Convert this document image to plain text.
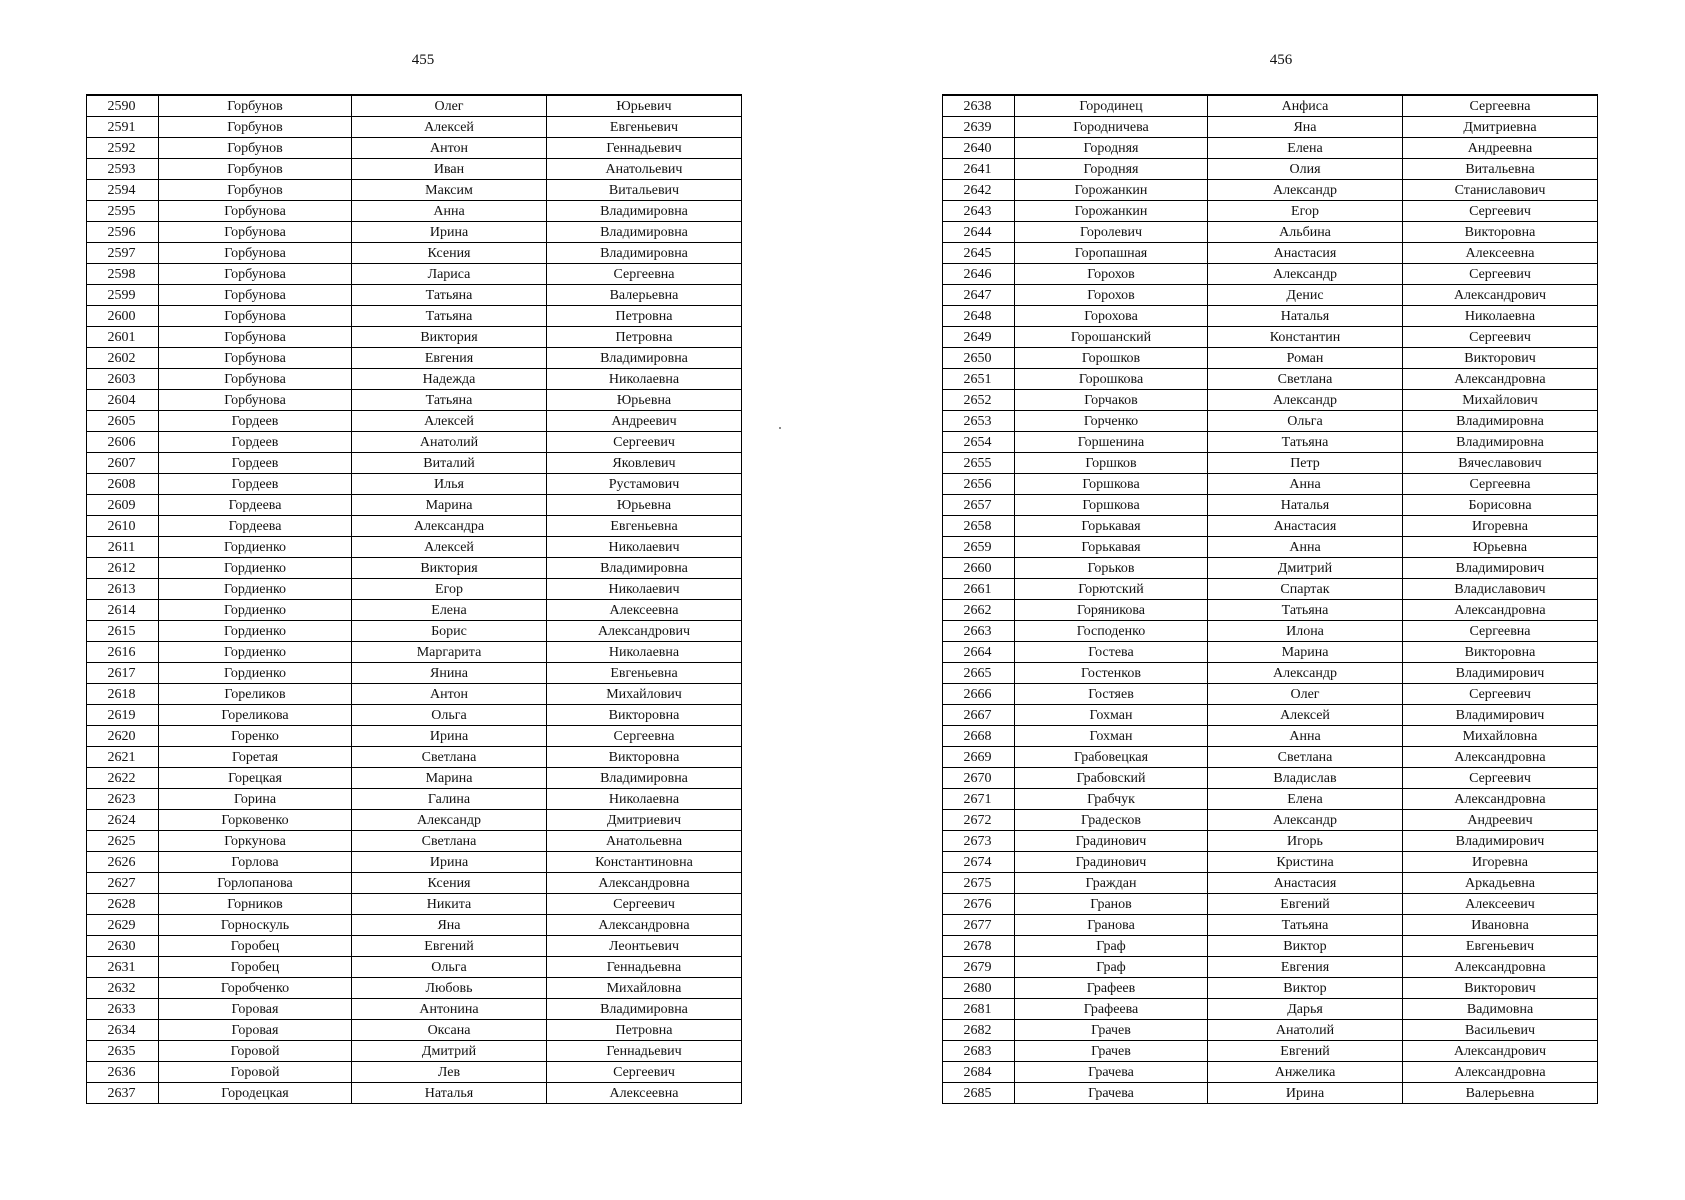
455	456
2590	Горбунов	Олег	Юрьевич
2591	Горбунов	Алексей	Евгеньевич
2592	Горбунов	Антон	Геннадьевич
2593	Горбунов	Иван	Анатольевич
2594	Горбунов	Максим	Витальевич
2595	Горбунова	Анна	Владимировна
2596	Горбунова	Ирина	Владимировна
2597	Горбунова	Ксения	Владимировна
2598	Горбунова	Лариса	Сергеевна
2599	Горбунова	Татьяна	Валерьевна
2600	Горбунова	Татьяна	Петровна
2601	Горбунова	Виктория	Петровна
2602	Горбунова	Евгения	Владимировна
2603	Горбунова	Надежда	Николаевна
2604	Горбунова	Татьяна	Юрьевна
2605	Гордеев	Алексей	Андреевич
2606	Гордеев	Анатолий	Сергеевич
2607	Гордеев	Виталий	Яковлевич
2608	Гордеев	Илья	Рустамович
2609	Гордеева	Марина	Юрьевна
2610	Гордеева	Александра	Евгеньевна
2611	Гордиенко	Алексей	Николаевич
2612	Гордиенко	Виктория	Владимировна
2613	Гордиенко	Егор	Николаевич
2614	Гордиенко	Елена	Алексеевна
2615	Гордиенко	Борис	Александрович
2616	Гордиенко	Маргарита	Николаевна
2617	Гордиенко	Янина	Евгеньевна
2618	Гореликов	Антон	Михайлович
2619	Гореликова	Ольга	Викторовна
2620	Горенко	Ирина	Сергеевна
2621	Горетая	Светлана	Викторовна
2622	Горецкая	Марина	Владимировна
2623	Горина	Галина	Николаевна
2624	Горковенко	Александр	Дмитриевич
2625	Горкунова	Светлана	Анатольевна
2626	Горлова	Ирина	Константиновна
2627	Горлопанова	Ксения	Александровна
2628	Горников	Никита	Сергеевич
2629	Горноскуль	Яна	Александровна
2630	Горобец	Евгений	Леонтьевич
2631	Горобец	Ольга	Геннадьевна
2632	Горобченко	Любовь	Михайловна
2633	Горовая	Антонина	Владимировна
2634	Горовая	Оксана	Петровна
2635	Горовой	Дмитрий	Геннадьевич
2636	Горовой	Лев	Сергеевич
2637	Городецкая	Наталья	Алексеевна
2638	Городинец	Анфиса	Сергеевна
2639	Городничева	Яна	Дмитриевна
2640	Городняя	Елена	Андреевна
2641	Городняя	Олия	Витальевна
2642	Горожанкин	Александр	Станиславович
2643	Горожанкин	Егор	Сергеевич
2644	Горолевич	Альбина	Викторовна
2645	Горопашная	Анастасия	Алексеевна
2646	Горохов	Александр	Сергеевич
2647	Горохов	Денис	Александрович
2648	Горохова	Наталья	Николаевна
2649	Горошанский	Константин	Сергеевич
2650	Горошков	Роман	Викторович
2651	Горошкова	Светлана	Александровна
2652	Горчаков	Александр	Михайлович
2653	Горченко	Ольга	Владимировна
2654	Горшенина	Татьяна	Владимировна
2655	Горшков	Петр	Вячеславович
2656	Горшкова	Анна	Сергеевна
2657	Горшкова	Наталья	Борисовна
2658	Горькавая	Анастасия	Игоревна
2659	Горькавая	Анна	Юрьевна
2660	Горьков	Дмитрий	Владимирович
2661	Горютский	Спартак	Владиславович
2662	Горяникова	Татьяна	Александровна
2663	Господенко	Илона	Сергеевна
2664	Гостева	Марина	Викторовна
2665	Гостенков	Александр	Владимирович
2666	Гостяев	Олег	Сергеевич
2667	Гохман	Алексей	Владимирович
2668	Гохман	Анна	Михайловна
2669	Грабовецкая	Светлана	Александровна
2670	Грабовский	Владислав	Сергеевич
2671	Грабчук	Елена	Александровна
2672	Градесков	Александр	Андреевич
2673	Градинович	Игорь	Владимирович
2674	Градинович	Кристина	Игоревна
2675	Граждан	Анастасия	Аркадьевна
2676	Гранов	Евгений	Алексеевич
2677	Гранова	Татьяна	Ивановна
2678	Граф	Виктор	Евгеньевич
2679	Граф	Евгения	Александровна
2680	Графеев	Виктор	Викторович
2681	Графеева	Дарья	Вадимовна
2682	Грачев	Анатолий	Васильевич
2683	Грачев	Евгений	Александрович
2684	Грачева	Анжелика	Александровна
2685	Грачева	Ирина	Валерьевна
